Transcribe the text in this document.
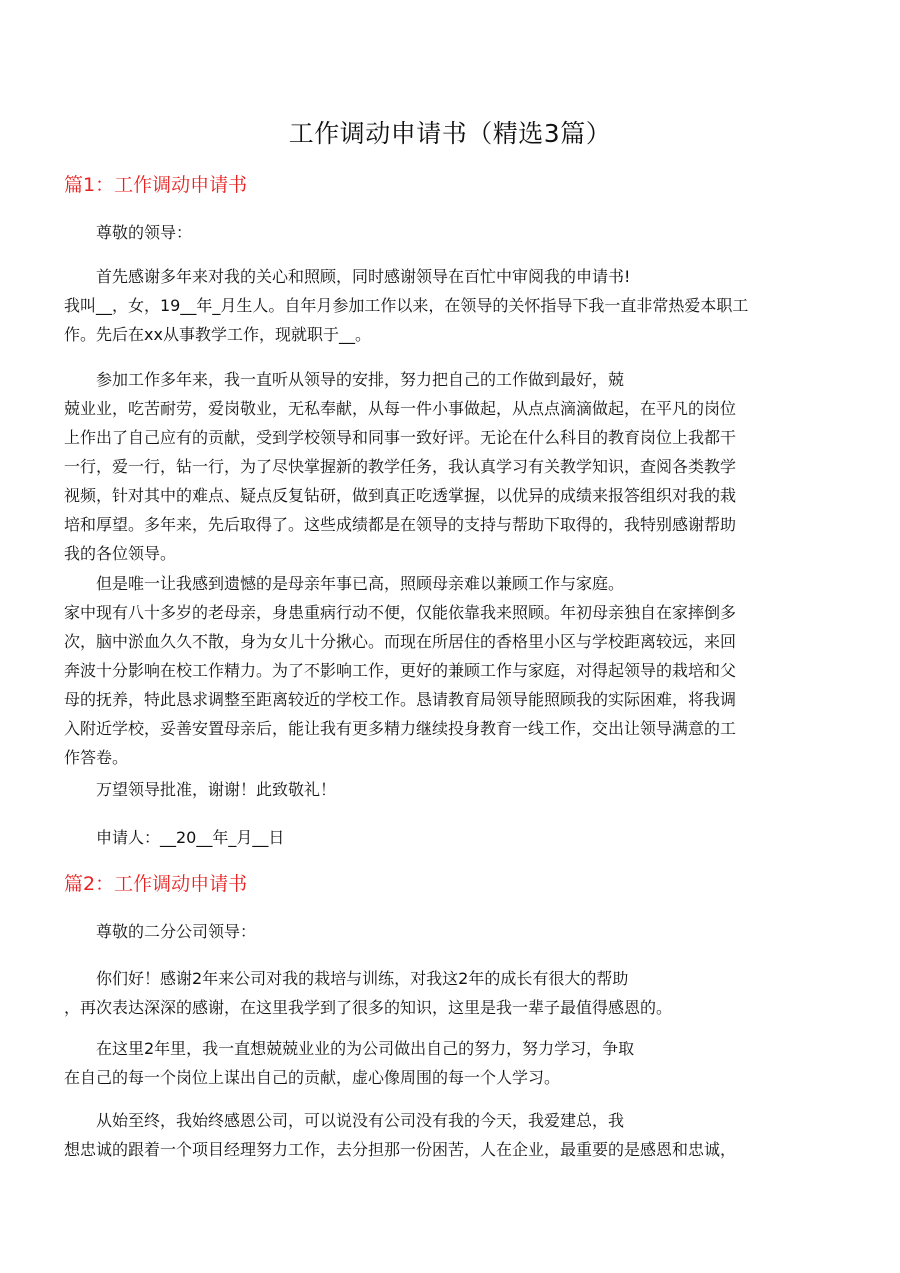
工作调动申请书（精选3篇）
篇1：工作调动申请书
尊敬的领导：
首先感谢多年来对我的关心和照顾，同时感谢领导在百忙中审阅我的申请书!
我叫__，女，19__年_月生人。自年月参加工作以来，在领导的关怀指导下我一直非常热爱本职工
作。先后在xx从事教学工作，现就职于__。
参加工作多年来，我一直听从领导的安排，努力把自己的工作做到最好，兢
兢业业，吃苦耐劳，爱岗敬业，无私奉献，从每一件小事做起，从点点滴滴做起，在平凡的岗位
上作出了自己应有的贡献，受到学校领导和同事一致好评。无论在什么科目的教育岗位上我都干
一行，爱一行，钻一行，为了尽快掌握新的教学任务，我认真学习有关教学知识，查阅各类教学
视频，针对其中的难点、疑点反复钻研，做到真正吃透掌握，以优异的成绩来报答组织对我的栽
培和厚望。多年来，先后取得了。这些成绩都是在领导的支持与帮助下取得的，我特别感谢帮助
我的各位领导。
但是唯一让我感到遗憾的是母亲年事已高，照顾母亲难以兼顾工作与家庭。
家中现有八十多岁的老母亲，身患重病行动不便，仅能依靠我来照顾。年初母亲独自在家摔倒多
次，脑中淤血久久不散，身为女儿十分揪心。而现在所居住的香格里小区与学校距离较远，来回
奔波十分影响在校工作精力。为了不影响工作，更好的兼顾工作与家庭，对得起领导的栽培和父
母的抚养，特此恳求调整至距离较近的学校工作。恳请教育局领导能照顾我的实际困难，将我调
入附近学校，妥善安置母亲后，能让我有更多精力继续投身教育一线工作，交出让领导满意的工
作答卷。
万望领导批准，谢谢！此致敬礼！
申请人：__20__年_月__日
篇2：工作调动申请书
尊敬的二分公司领导：
你们好！感谢2年来公司对我的栽培与训练，对我这2年的成长有很大的帮助
，再次表达深深的感谢，在这里我学到了很多的知识，这里是我一辈子最值得感恩的。
在这里2年里，我一直想兢兢业业的为公司做出自己的努力，努力学习，争取
在自己的每一个岗位上谋出自己的贡献，虚心像周围的每一个人学习。
从始至终，我始终感恩公司，可以说没有公司没有我的今天，我爱建总，我
想忠诚的跟着一个项目经理努力工作，去分担那一份困苦，人在企业，最重要的是感恩和忠诚，
